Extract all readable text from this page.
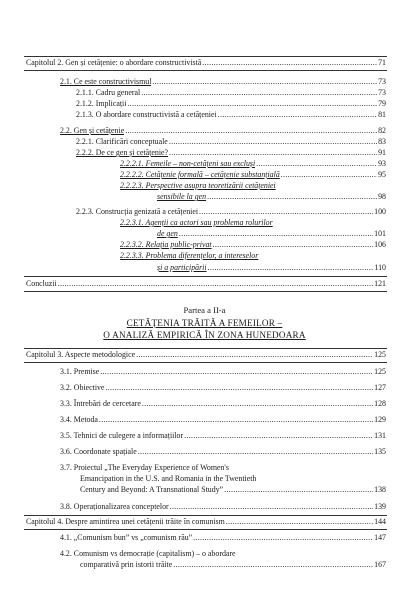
Capitolul 2. Gen și cetățenie: o abordare constructivistă .....	71
2.1. Ce este constructivismul .....	73
2.1.1. Cadru general .....	73
2.1.2. Implicații .....	79
2.1.3. O abordare constructivistă a cetățeniei .....	81
2.2. Gen și cetățenie .....	82
2.2.1. Clarificări conceptuale .....	83
2.2.2. De ce gen și cetățenie? .....	91
2.2.2.1. Femeile – non-cetățeni sau excluși .....	93
2.2.2.2. Cetățenie formală – cetățenie substanțială .....	95
2.2.2.3. Perspective asupra teoretizării cetățeniei
sensibile la gen .....	98
2.2.3. Construcția genizată a cetățeniei .....	100
2.2.3.1. Agenții ca actori sau problema rolurilor
de gen .....	101
2.2.3.2. Relația public-privat .....	106
2.2.3.3. Problema diferențelor, a intereselor
și a participării .....	110
Concluzii .....	121
Partea a II-a
CETĂȚENIA TRĂITĂ A FEMEILOR –
O ANALIZĂ EMPIRICĂ ÎN ZONA HUNEDOARA
Capitolul 3. Aspecte metodologice .....	125
3.1. Premise .....	125
3.2. Obiective .....	127
3.3. Întrebări de cercetare .....	128
3.4. Metoda .....	129
3.5. Tehnici de culegere a informațiilor .....	131
3.6. Coordonate spațiale .....	135
3.7. Proiectul „The Everyday Experience of Women's
Emancipation in the U.S. and Romania in the Twentieth
Century and Beyond: A Transnational Study” .....	138
3.8. Operaționalizarea conceptelor .....	139
Capitolul 4. Despre amintirea unei cetățenii trăite în comunism .....	144
4.1. „Comunism bun” vs „comunism rău” .....	147
4.2. Comunism vs democrație (capitalism) – o abordare
comparativă prin istorii trăite .....	167
